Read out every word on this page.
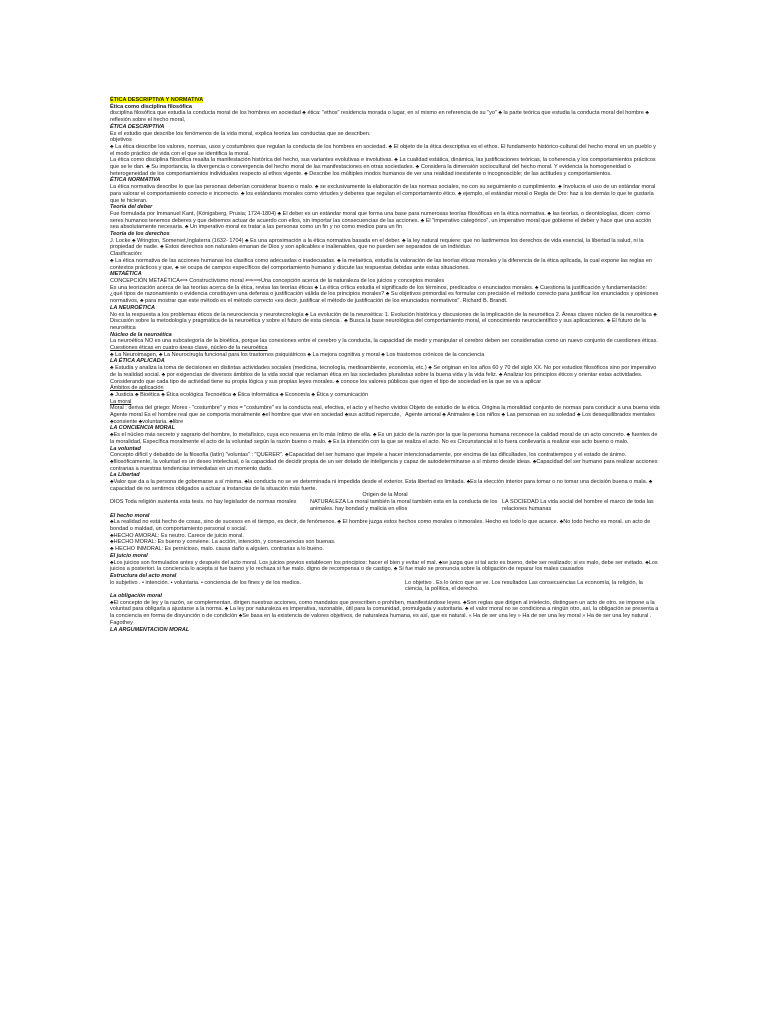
ÉTICA DESCRIPTIVA Y NORMATIVA

Ética como disciplina filosófica

disciplina filosófica que estudia la conducta moral de los hombres en sociedad ♣ ética: "ethos" residencia morada o lugar, en sí mismo en referencia de su "yo" ♣ la parte teórica que estudia la conducta moral del hombre ♣ reflexión sobre el hecho moral,

ÉTICA DESCRIPTIVA

Es el estudio que describe los fenómenos de la vida moral, explica teoriza las conductas que se describen.

objetivos

♣ La ética describe los valores, normas, usos y costumbres que regulan la conducta de los hombres en sociedad. ♣ El objeto de la ética descriptiva es el ethos. El fundamento histórico-cultural del hecho moral en un pueblo y el modo práctico de vida con el que se identifica la moral.

La ética como disciplina filosófica resalta la manifestación histórica del hecho, sus variantes evolutivas e involutivas. ♣ La cualidad estática, dinámica, las justificaciones teóricas, la coherencia y los comportamientos prácticos que se le dan. ♣ Su importancia, la divergencia o convergencia del hecho moral de las manifestaciones en otras sociedades. ♣ Considera la dimensión sociocultural del hecho moral. Y evidencia la homogeneidad o heterogeneidad de los comportamientos individuales respecto al ethos vigente. ♣ Describe los múltiples modos humanos de ver una realidad inexistente o incognoscible; de las actitudes y comportamientos.

ÉTICA NORMATIVA

La ética normativa describe lo que las personas deberían considerar bueno o malo. ♣ se exclusivamente la elaboración de las normas sociales, no con su seguimiento o cumplimiento. ♣ Involucra el uso de un estándar moral para valorar el comportamiento correcto e incorrecto. ♣ los estándares morales como virtudes y deberes que regulan el comportamiento ético. ♣ ejemplo, el estándar moral o Regla de Oro: haz a los demás lo que te gustaría que te hicieran.

Teoría del deber

Fue formulada por Immanuel Kant, (Königsberg, Prusia; 1724-1804) ♣ El deber es un estándar moral que forma una base para numerosas teorías filosóficas en la ética normativa. ♣ las teorías, o deontologías, dicen: como seres humanos tenemos deberes y que debemos actuar de acuerdo con ellos, sin importar las consecuencias de las acciones. ♣ El "imperativo categórico", un imperativo moral que gobierne el deber y hace que una acción sea absolutamente necesaria. ♣ Un imperativo moral es tratar a las personas como un fin y no como medios para un fin

Teoría de los derechos

J. Locke ♣ Wrington, Somerset,Inglaterra (1632- 1704) ♣ Es una aproximación a la ética normativa basada en el deber. ♣ la ley natural requiere: que no lastimemos los derechos de vida esencial, la libertad la salud, ni la propiedad de nadie. ♣ Estos derechos son naturales emanan de Dios y son aplicables e inalienables, que no pueden ser separados de un individuo.

Clasificación:

♣ La ética normativa de las acciones humanas los clasifica como adecuadas o inadecuadas. ♣ la metaética, estudia la valoración de las teorías éticas morales y la diferencia de la ética aplicada, la cual expone las reglas en contextos prácticos y que, ♣ se ocupa de campos específicos del comportamiento humano y discute las respuestas debidas ante estas situaciones.

METAÉTICA

CONCEPCIÓN METAÉTICA⟺ Constructivismo moral ⟺⟹Una concepción acerca de la naturaleza de los juicios y conceptos morales

Es una teorización acerca de las teorías acerca de la ética, revisa las teorías éticas ♣ La ética crítica estudia el significado de los términos, predicados o enunciados morales. ♣ Cuestiona la justificación y fundamentación: ¿qué tipos de razonamiento o evidencia constituyen una defensa o justificación válida de los principios morales? ♣ Su objetivos primordial es formular con precisión el método correcto para justificar los enunciados y opiniones normativos, ♣ para mostrar que este método es el método correcto «es decir, justificar el método de justificación de los enunciados normativos". Richard B. Brandt.

LA NEUROÉTICA

No es la respuesta a los problemas éticos de la neurociencia y neurotecnología ♣ La evolución de la neuroética: 1. Evolución histórica y discusiones de la implicación de la neuroética 2. Áreas claves núcleo de la neuroética ♣ Discusión sobre la metodología y pragmática de la neuroética y sobre el futuro de esta ciencia . ♣ Busca la base neurológica del comportamiento moral, el conocimiento neurocientífico y sus aplicaciones. ♣ El futuro de la neuroética

Núcleo de la neuroética

La neuroética NO es una subcategoría de la bioética, porque las conexiones entre el cerebro y la conducta, la capacidad de medir y manipular el cerebro deben ser consideradas como un nuevo conjunto de cuestiones éticas.

Cuestiones éticas en cuatro áreas clave, núcleo de la neuroética

♣ La Neuroimagen, ♣ La Neurocirugía funcional para los trastornos psiquiátricos ♣ La mejora cognitiva y moral ♣ Los trastornos crónicos de la conciencia

LA ÉTICA APLICADA

♣ Estudia y analiza la toma de decisiones en distintas actividades sociales (medicina, tecnología, medioambiente, economía, etc.) ♣ Se originan en los años 60 y 70 del siglo XX. No por estudios filosóficos sino por imperativo de la realidad social. ♣ por exigencias de diversos ámbitos de la vida social que reclaman ética en las sociedades pluralistas sobre la buena vida y la vida feliz. ♣ Analizar los principios éticos y orientar estas actividades. Considerando que cada tipo de actividad tiene su propia lógica y sus propias leyes morales. ♣ conoce los valores públicos que rigen el tipo de sociedad en la que se va a aplicar

Ámbitos de aplicación

♣ Justicia ♣ Bioética ♣ Ética ecológica Tecnoética ♣ Ética informática ♣ Economía ♣ Ética y comunicación

La moral

Moral : deriva del griego: Mores - "costumbre" y mos = "costumbre" es la conducta real, efectiva, el acto y el hecho vividos Objeto de estudio de la ética. Origina la moralidad conjunto de normas para conducir a una buena vida

Agente moral Es el hombre real que se comporta moralmente ♣el hombre que vive en sociedad ♣sus actitud repercute, ♣consiente ♣voluntaria. ♣libre

Agente amoral ♣ Animales ♣ Los niños ♣ Las personas en su soledad ♣ Los desequilibrados mentales

LA CONCIENCIA MORAL

♣Es el núcleo más secreto y sagrario del hombre, lo metafísico, cuya eco resuena en lo más íntimo de ella. ♣ Es un juicio de la razón por la que la persona humana reconoce la calidad moral de un acto concreto. ♣ fuentes de la moralidad, Específica moralmente el acto de la voluntad según la razón bueno o malo. ♣ Es la intención con la que se realiza el acto. No es Circunstancial si lo fuera conllevaría a realizar ese acto bueno o malo.

La voluntad

Concepto difícil y debatido de la filosofía (latín) "voluntas" : "QUERER". ♣Capacidad del ser humano que impele a hacer intencionadamente, por encima de las dificultades, los contratiempos y el estado de ánimo. ♣filosóficamente, la voluntad es un deseo intelectual, o la capacidad de decidir propia de un ser dotado de inteligencia y capaz de autodeterminarse a sí mismo desde ideas. ♣Capacidad del ser humano para realizar acciones contrarias a nuestras tendencias inmediatas en un momento dado.

La Libertad

♣Valor que da a la persona de gobernarse a sí misma. ♣la conducta no se ve determinada ni impedida desde el exterior. Esta libertad es limitada. ♣Es la elección interior para tomar o no tomar una decisión buena o mala. ♣ capacidad de no sentirnos obligados a actuar a instancias de la situación más fuerte.

Origen de la Moral

DIOS Toda religión sustenta esta tesis. no hay legislador de normas morales	NATURALEZA La moral también la moral también esta en la conducta de los animales. hay bondad y malicia en ellos

LA SOCIEDAD La vida social del hombre el marco de toda las relaciones humanas

El hecho moral

♣La realidad no está hecho de cosas, sino de sucesos en el tiempo, es decir, de fenómenos. ♣ El hombre juzga estos hechos como morales o inmorales. Hecho es todo lo que acaece. ♣No todo hecho es moral. un acto de bondad o maldad, un comportamiento personal o social.

♣HECHO AMORAL: Es neutro. Carece de juicio moral.

♣HECHO MORAL: Es bueno y conviene. La acción, intención, y consecuencias son buenas.

♣ HECHO INMORAL: Es pernicioso, malo. causa daño a alguien. contrarias a lo bueno.

El juicio moral

♣Los juicios son formulados antes y después del acto moral. Los juicios previos establecen los principios: hacer el bien y evitar el mal. ♣se juzga que si tal acto es bueno, debe ser realizado; si es malo, debe ser evitado. ♣Los juicios a posteriori. la conciencia lo acepta si fue bueno y lo rechaza si fue malo. digno de recompensa o de castigo. ♣ Si fue malo se pronuncia sobre la obligación de reparar los males causados

Estructura del acto moral

lo subjetivo . • intención. • voluntaria. • conciencia de los fines y de los medios.	Lo objetivo . Es lo único que se ve. Los resultados Las consecuencias La economía, la religión, la ciencia, la política, el derecho.

La obligación moral

♣El concepto de ley y la razón, se complementan. dirigen nuestras acciones, como mandatos que prescriben o prohíben, manifestándose leyes. ♣Son reglas que dirigen al intelecto, distinguen un acto de otro. se impone a la voluntad para obligarla a ajustarse a la norma. ♣ La ley por naturaleza es imperativa, razonable, útil para la comunidad, promulgada y autoritaria. ♣ el valor moral no se condiciona a ningún otro, así, la obligación se presenta a la conciencia en forma de disyunción o de condición ♣Se basa en la existencia de valores objetivos, de naturaleza humana, es así, que es natural. « Ha de ser una ley » Ha de ser una ley moral » Ha de ser una ley natural . Fagothey

LA ARGUMENTACION MORAL
